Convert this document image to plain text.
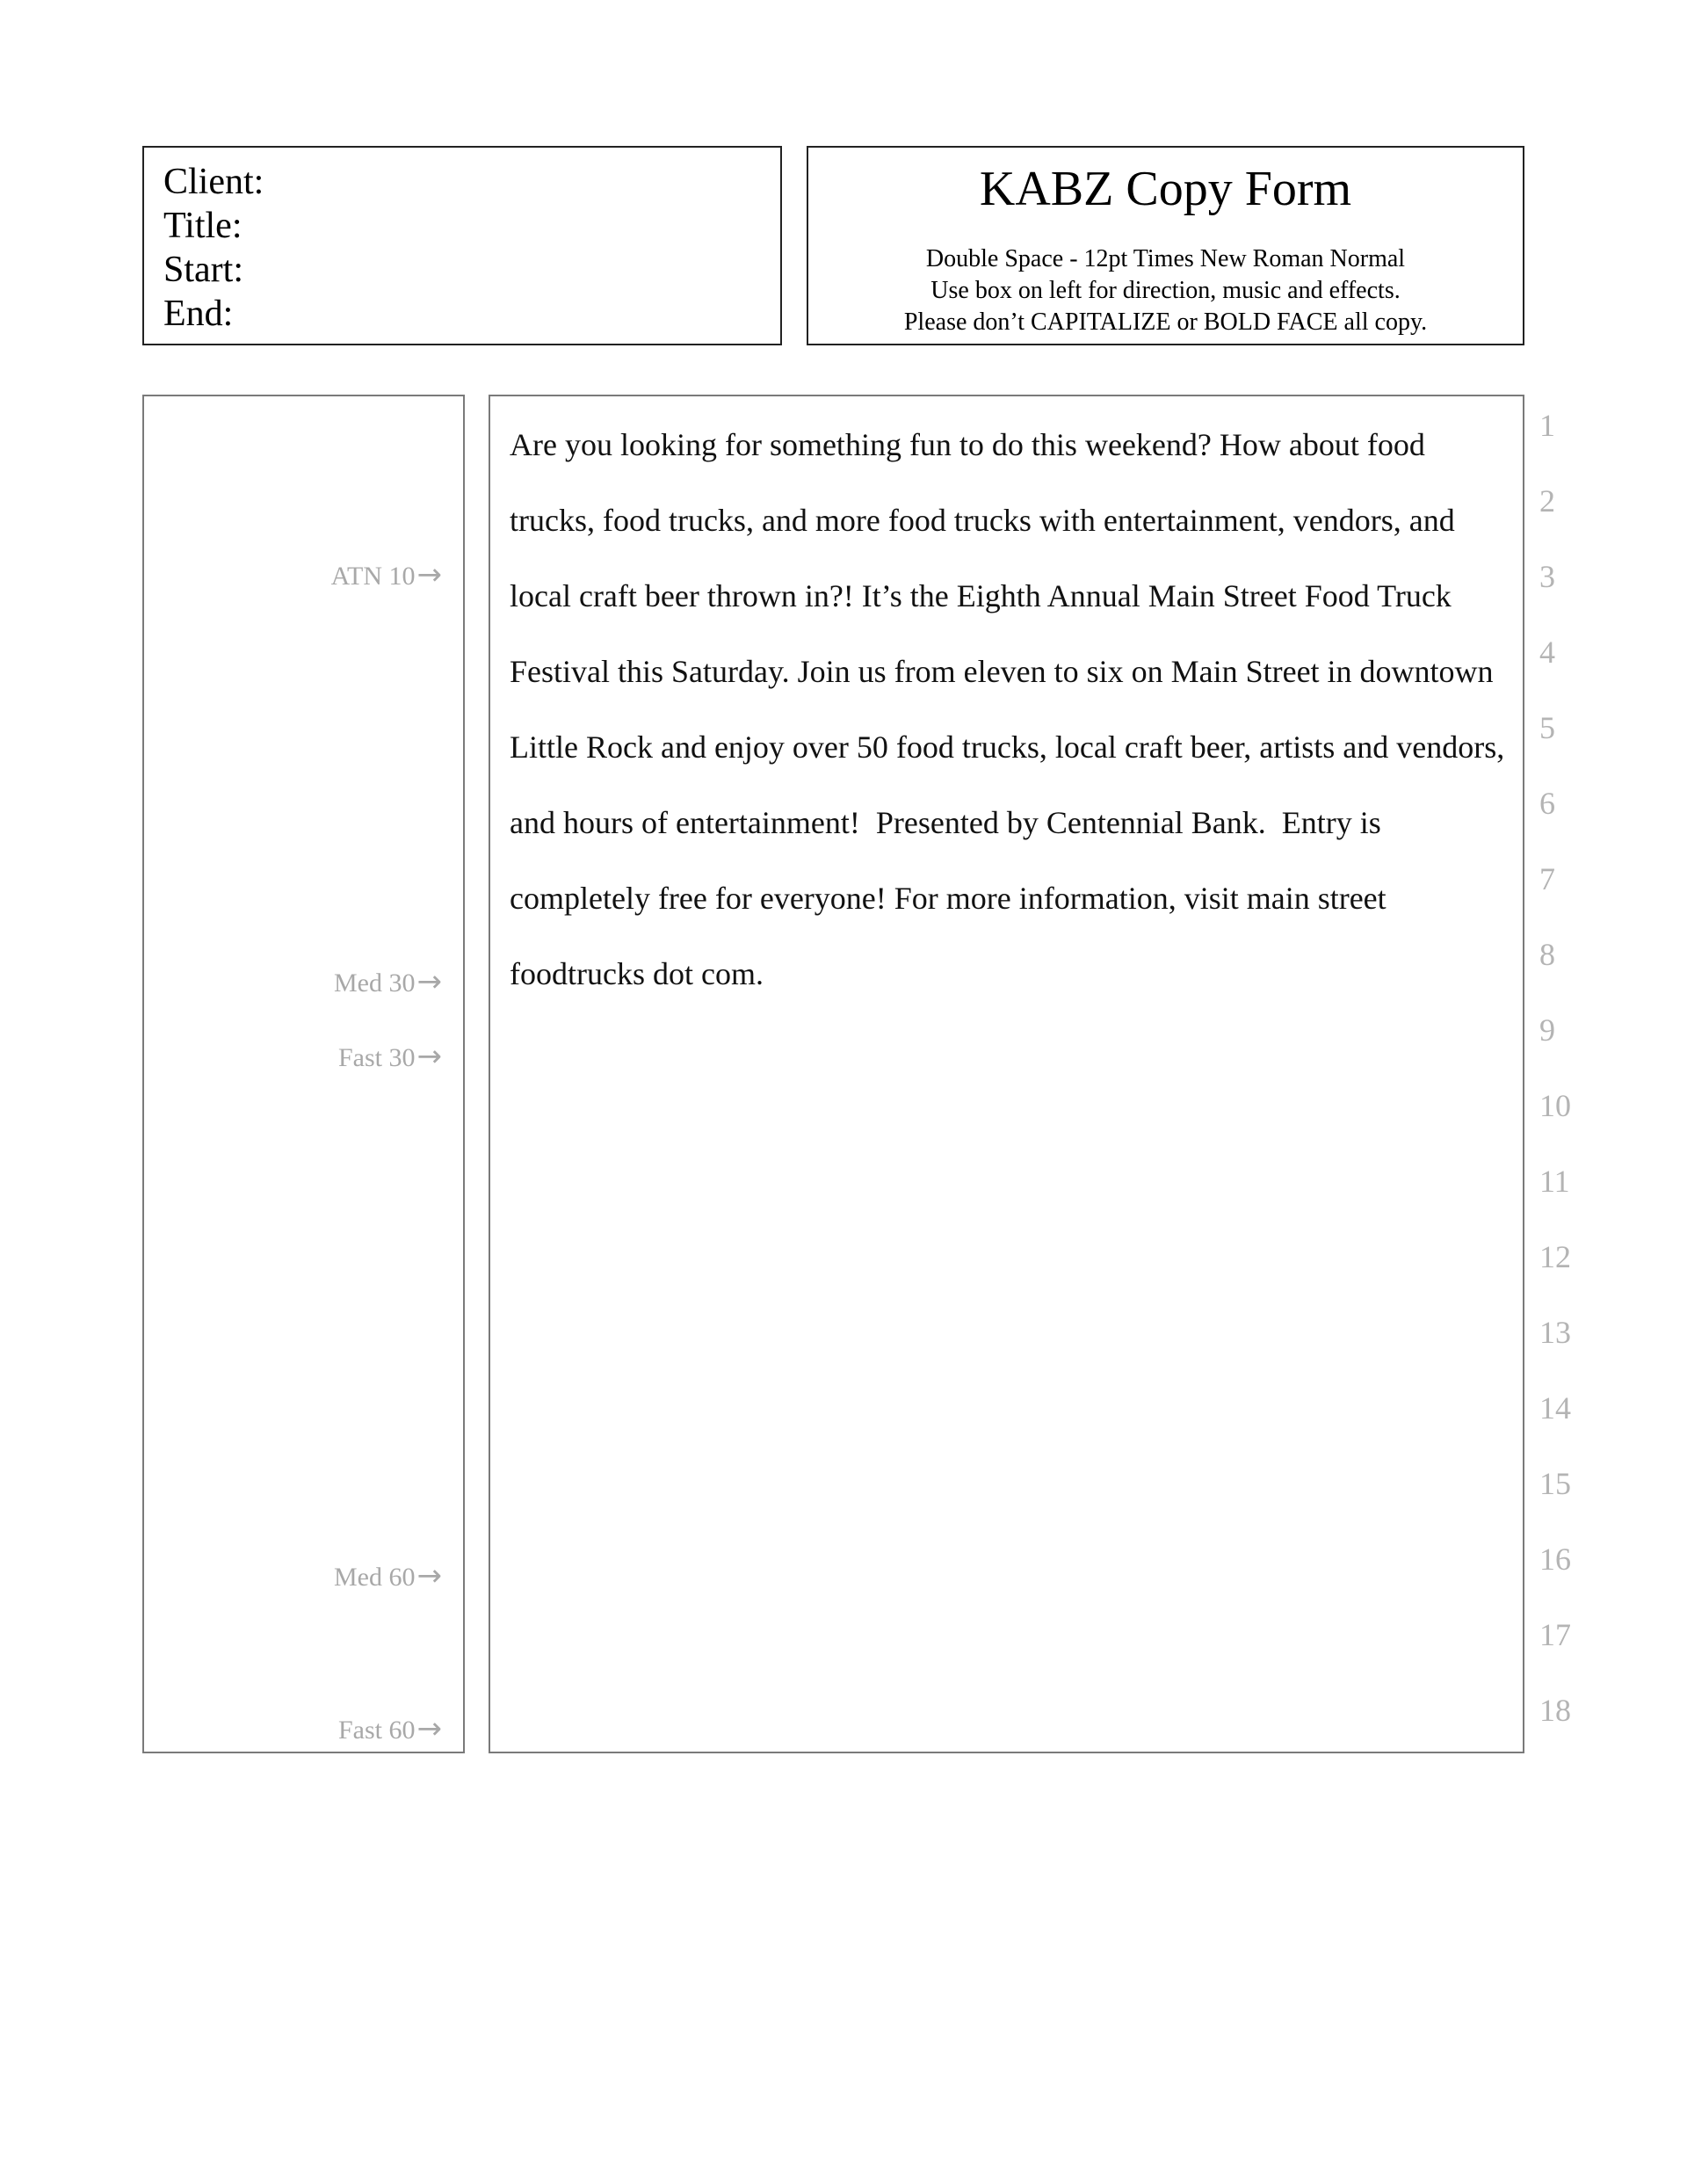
Client:
Title:
Start:
End:
KABZ Copy Form
Double Space - 12pt Times New Roman Normal
Use box on left for direction, music and effects.
Please don’t CAPITALIZE or BOLD FACE all copy.
ATN 10→
Med 30→
Fast 30→
Med 60→
Fast 60→

Are you looking for something fun to do this weekend? How about food trucks, food trucks, and more food trucks with entertainment, vendors, and local craft beer thrown in?! It’s the Eighth Annual Main Street Food Truck Festival this Saturday. Join us from eleven to six on Main Street in downtown Little Rock and enjoy over 50 food trucks, local craft beer, artists and vendors, and hours of entertainment!  Presented by Centennial Bank.  Entry is completely free for everyone! For more information, visit main street foodtrucks dot com.

1
2
3
4
5
6
7
8
9
10
11
12
13
14
15
16
17
18
